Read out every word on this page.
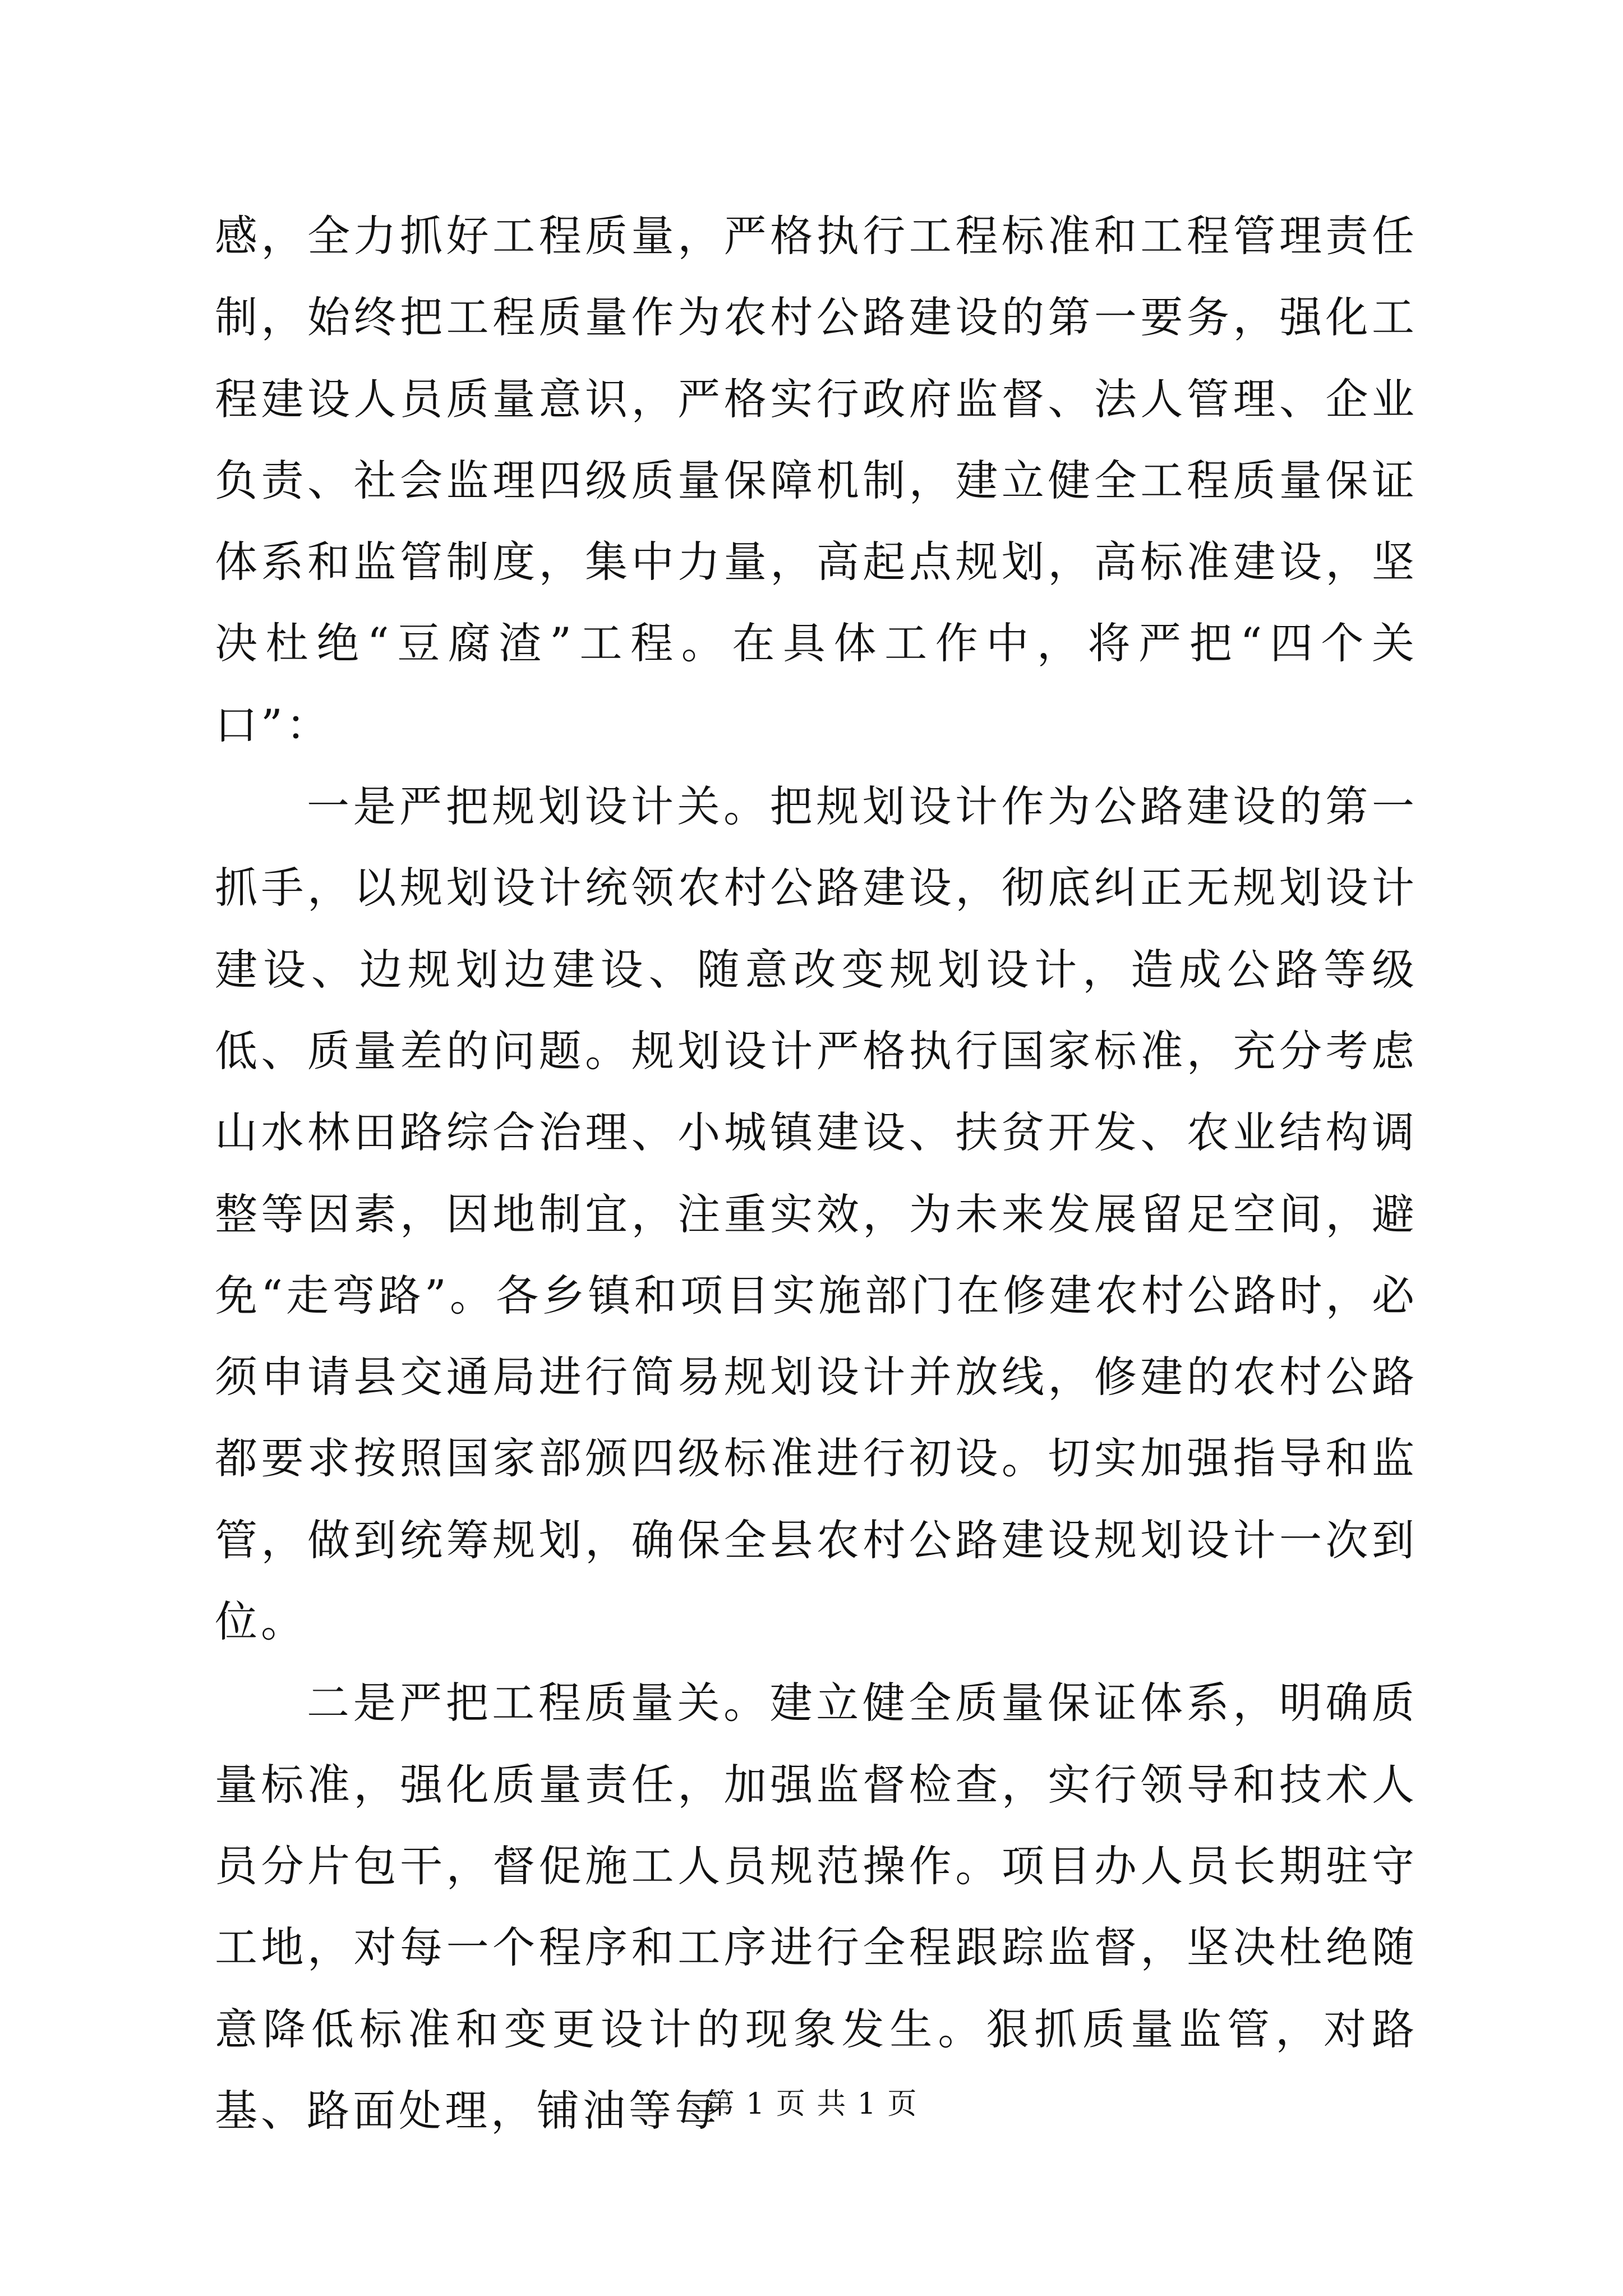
感，全力抓好工程质量，严格执行工程标准和工程管理责任制，始终把工程质量作为农村公路建设的第一要务，强化工程建设人员质量意识，严格实行政府监督、法人管理、企业负责、社会监理四级质量保障机制，建立健全工程质量保证体系和监管制度，集中力量，高起点规划，高标准建设，坚决杜绝“豆腐渣”工程。在具体工作中，将严把“四个关口”：

一是严把规划设计关。把规划设计作为公路建设的第一抓手，以规划设计统领农村公路建设，彻底纠正无规划设计建设、边规划边建设、随意改变规划设计，造成公路等级低、质量差的问题。规划设计严格执行国家标准，充分考虑山水林田路综合治理、小城镇建设、扶贫开发、农业结构调整等因素，因地制宜，注重实效，为未来发展留足空间，避免“走弯路”。各乡镇和项目实施部门在修建农村公路时，必须申请县交通局进行简易规划设计并放线，修建的农村公路都要求按照国家部颁四级标准进行初设。切实加强指导和监管，做到统筹规划，确保全县农村公路建设规划设计一次到位。

二是严把工程质量关。建立健全质量保证体系，明确质量标准，强化质量责任，加强监督检查，实行领导和技术人员分片包干，督促施工人员规范操作。项目办人员长期驻守工地，对每一个程序和工序进行全程跟踪监督，坚决杜绝随意降低标准和变更设计的现象发生。狠抓质量监管，对路基、路面处理，铺油等每

第 1 页 共 1 页
